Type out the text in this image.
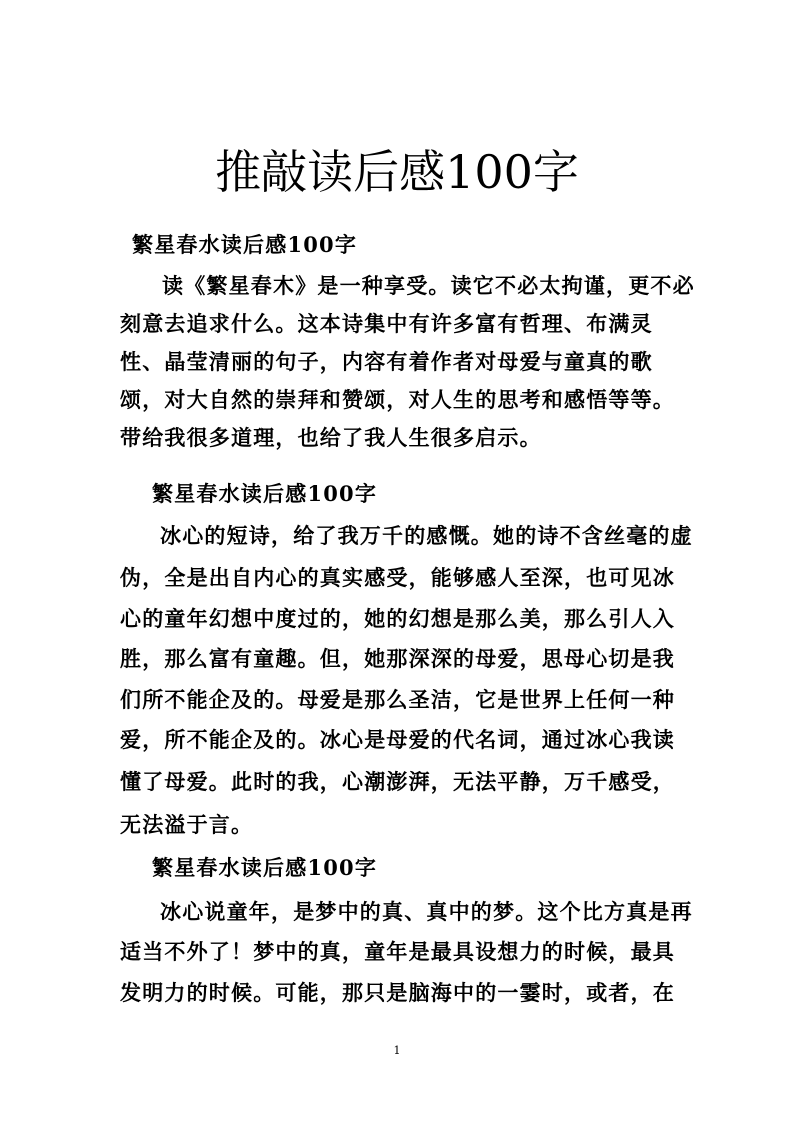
推敲读后感100字
繁星春水读后感100字
读《繁星春木》是一种享受。读它不必太拘谨，更不必
刻意去追求什么。这本诗集中有许多富有哲理、布满灵
性、晶莹清丽的句子，内容有着作者对母爱与童真的歌
颂，对大自然的崇拜和赞颂，对人生的思考和感悟等等。
带给我很多道理，也给了我人生很多启示。
繁星春水读后感100字
冰心的短诗，给了我万千的感慨。她的诗不含丝毫的虚
伪，全是出自内心的真实感受，能够感人至深，也可见冰
心的童年幻想中度过的，她的幻想是那么美，那么引人入
胜，那么富有童趣。但，她那深深的母爱，思母心切是我
们所不能企及的。母爱是那么圣洁，它是世界上任何一种
爱，所不能企及的。冰心是母爱的代名词，通过冰心我读
懂了母爱。此时的我，心潮澎湃，无法平静，万千感受，
无法溢于言。
繁星春水读后感100字
冰心说童年，是梦中的真、真中的梦。这个比方真是再
适当不外了！梦中的真，童年是最具设想力的时候，最具
发明力的时候。可能，那只是脑海中的一霎时，或者，在
1
